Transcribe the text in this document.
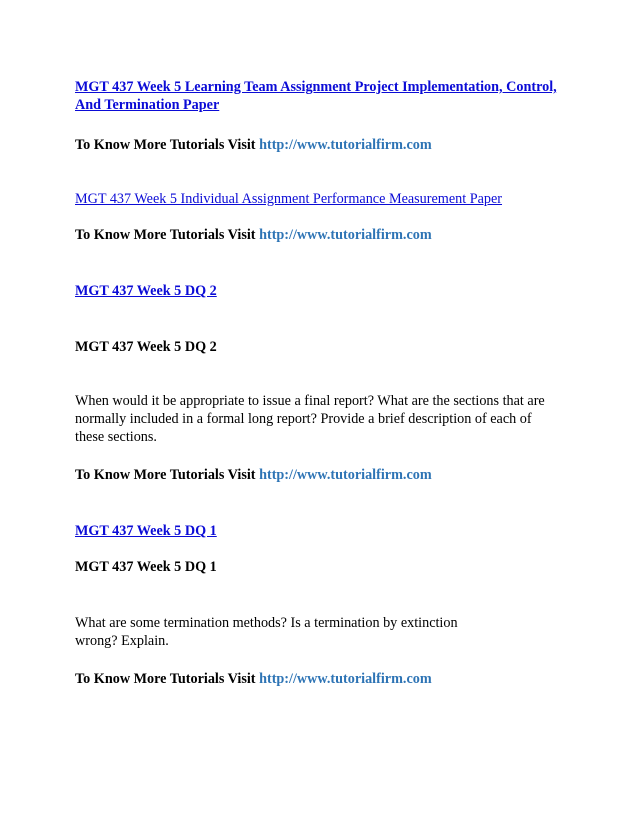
MGT 437 Week 5 Learning Team Assignment Project Implementation, Control, And Termination Paper
To Know More Tutorials Visit http://www.tutorialfirm.com
MGT 437 Week 5 Individual Assignment Performance Measurement Paper
To Know More Tutorials Visit http://www.tutorialfirm.com
MGT 437 Week 5 DQ 2
MGT 437 Week 5 DQ 2
When would it be appropriate to issue a final report? What are the sections that are
normally included in a formal long report? Provide a brief description of each of
these sections.
To Know More Tutorials Visit http://www.tutorialfirm.com
MGT 437 Week 5 DQ 1
MGT 437 Week 5 DQ 1
What are some termination methods? Is a termination by extinction
wrong? Explain.
To Know More Tutorials Visit http://www.tutorialfirm.com
